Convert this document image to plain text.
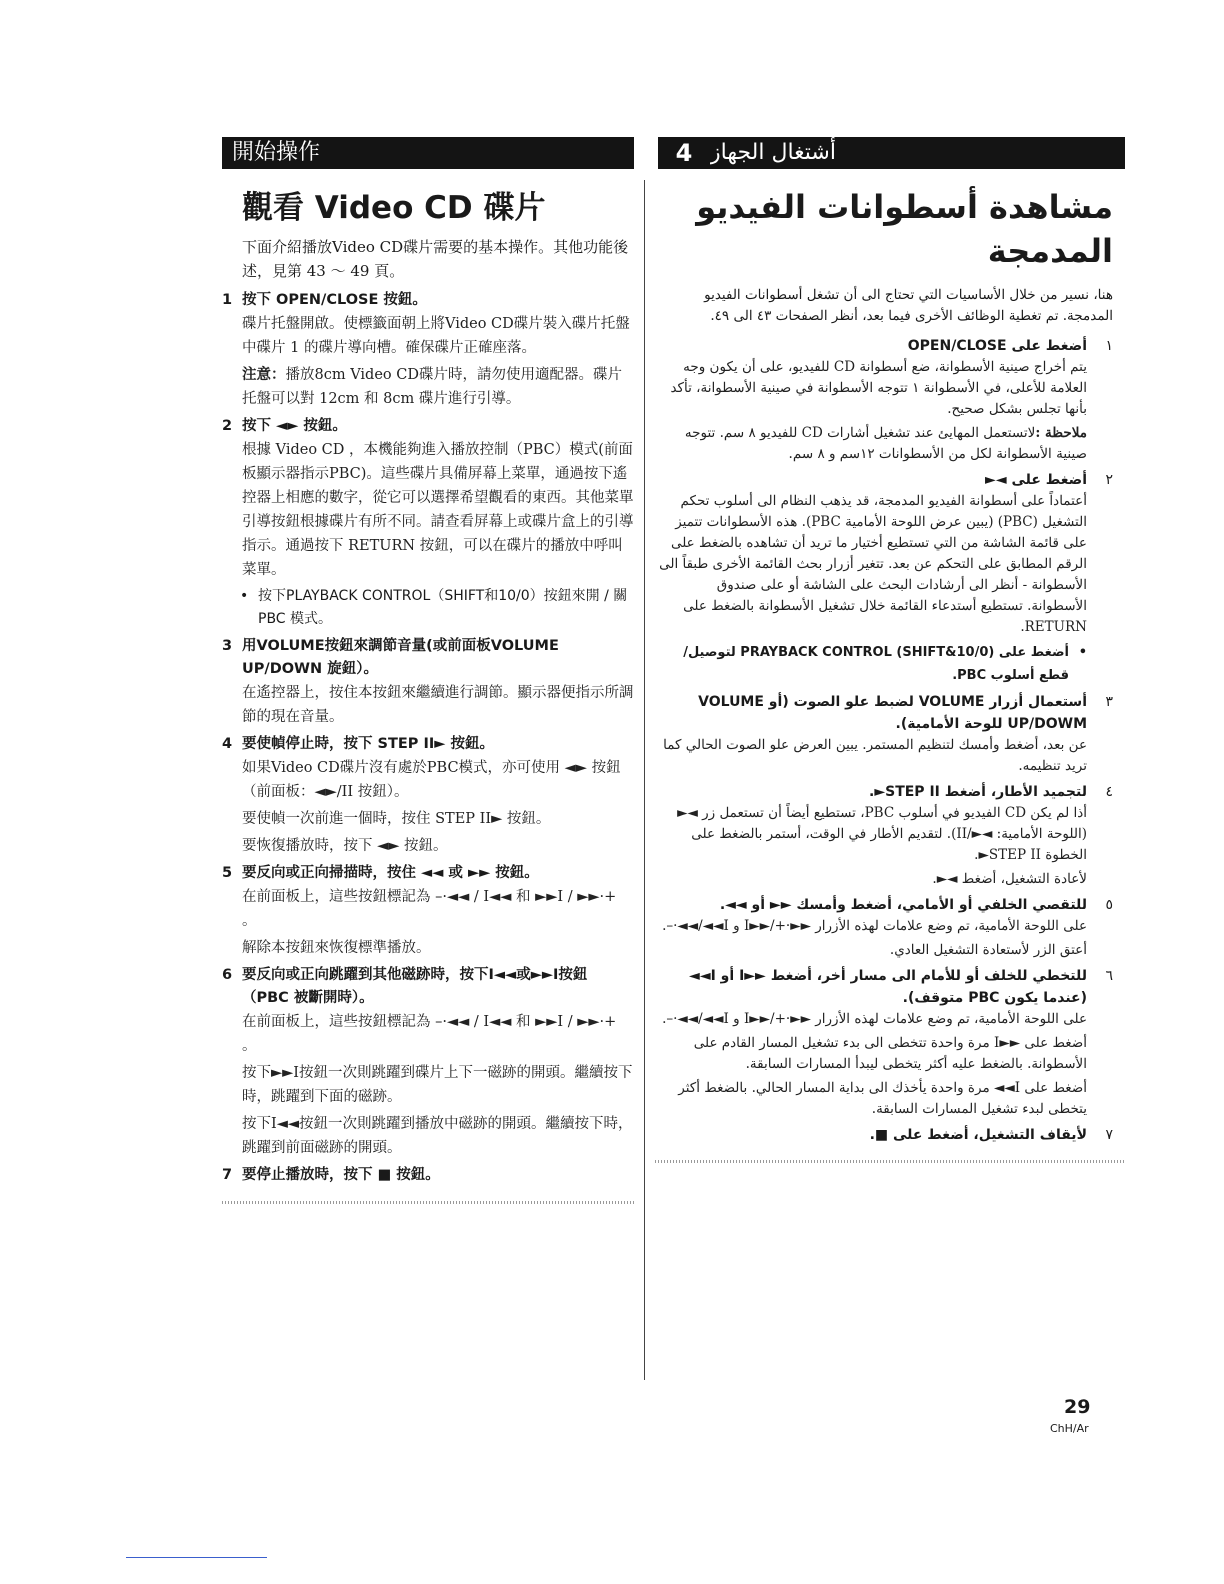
開始操作
觀看 Video CD 碟片
下面介紹播放Video CD碟片需要的基本操作。其他功能後述，見第 43 ～ 49 頁。
1 按下 OPEN/CLOSE 按鈕。

碟片托盤開啟。使標籤面朝上將Video CD碟片裝入碟片托盤中碟片 1 的碟片導向槽。確保碟片正確座落。

注意：播放8cm Video CD碟片時，請勿使用適配器。碟片托盤可以對 12cm 和 8cm 碟片進行引導。

2 按下 ◄► 按鈕。

根據 Video CD ，本機能夠進入播放控制（PBC）模式(前面板顯示器指示PBC)。這些碟片具備屏幕上菜單，通過按下遙控器上相應的數字，從它可以選擇希望觀看的東西。其他菜單引導按鈕根據碟片有所不同。請查看屏幕上或碟片盒上的引導指示。通過按下 RETURN 按鈕，可以在碟片的播放中呼叫菜單。

• 按下PLAYBACK CONTROL（SHIFT和10/0）按鈕來開 / 關 PBC 模式。
3 用VOLUME按鈕來調節音量(或前面板VOLUME UP/DOWN 旋鈕）。

在遙控器上，按住本按鈕來繼續進行調節。顯示器便指示所調節的現在音量。

4 要使幀停止時，按下 STEP II► 按鈕。

如果Video CD碟片沒有處於PBC模式，亦可使用 ◄► 按鈕（前面板：◄►/II 按鈕）。

要使幀一次前進一個時，按住 STEP II► 按鈕。

要恢復播放時，按下 ◄► 按鈕。

5 要反向或正向掃描時，按住 ◄◄ 或 ►► 按鈕。

在前面板上，這些按鈕標記為 –·◄◄ / I◄◄ 和 ►►I / ►►·+ 。

解除本按鈕來恢復標準播放。

6 要反向或正向跳躍到其他磁跡時，按下I◄◄或►►I按鈕（PBC 被斷開時）。

在前面板上，這些按鈕標記為 –·◄◄ / I◄◄ 和 ►►I / ►►·+ 。

按下►►I按鈕一次則跳躍到碟片上下一磁跡的開頭。繼續按下時，跳躍到下面的磁跡。

按下I◄◄按鈕一次則跳躍到播放中磁跡的開頭。繼續按下時，跳躍到前面磁跡的開頭。

7 要停止播放時，按下 ■ 按鈕。
أشتغال الجهاز
4
مشاهدة أسطوانات الفيديو المدمجة
هنا، نسير من خلال الأساسيات التي تحتاج الى أن تشغل أسطوانات الفيديو المدمجة. تم تغطية الوظائف الأخرى فيما بعد، أنظر الصفحات ٤٣ الى ٤٩.
١
أضغط على OPEN/CLOSE

يتم أخراج صينية الأسطوانة، ضع أسطوانة CD للفيديو، على أن يكون وجه العلامة للأعلى، في الأسطوانة ١ تتوجه الأسطوانة في صينية الأسطوانة، تأكد بأنها تجلس بشكل صحيح.

ملاحظة :لاتستعمل المهايئ عند تشغيل أشارات CD للفيديو ٨ سم. تتوجه صينية الأسطوانة لكل من الأسطوانات ١٢سم و ٨ سم.

٢
أضغط على ◄►

أعتماداً على أسطوانة الفيديو المدمجة، قد يذهب النظام الى أسلوب تحكم التشغيل (PBC) (يبين عرض اللوحة الأمامية PBC). هذه الأسطوانات تتميز على قائمة الشاشة من التي تستطيع أختيار ما تريد أن تشاهده بالضغط على الرقم المطابق على التحكم عن بعد. تتغير أزرار بحث القائمة الأخرى طبقاً الى الأسطوانة - أنظر الى أرشادات البحث على الشاشة أو على صندوق الأسطوانة. تستطيع أستدعاء القائمة خلال تشغيل الأسطوانة بالضغط على RETURN.

•
أضغط على PRAYBACK CONTROL (SHIFT&10/0) لتوصيل/قطع أسلوب PBC.
٣
أستعمال أزرار VOLUME لضبط علو الصوت (أو VOLUME UP/DOWM للوحة الأمامية).

عن بعد، أضغط وأمسك لتنظيم المستمر. يبين العرض علو الصوت الحالي كما تريد تنظيمه.

٤
لتجميد الأطار، أضغط STEP II►.

أذا لم يكن CD الفيديو في أسلوب PBC، تستطيع أيضاً أن تستعمل زر ◄► (اللوحة الأمامية: ◄►/II). لتقديم الأطار في الوقت، أستمر بالضغط على الخطوة STEP II►.

لأعادة التشغيل، أضغط ◄►.

٥
للتقصي الخلفي أو الأمامي، أضغط وأمسك ►► أو ◄◄.

على اللوحة الأمامية، تم وضع علامات لهذه الأزرار ►►·+/►►I و I◄◄/◄◄·–.

أعتق الزر لأستعادة التشغيل العادي.

٦
للتخطي للخلف أو للأمام الى مسار أخر، أضغط ►►I أو I◄◄ (عندما يكون PBC متوقف).

على اللوحة الأمامية، تم وضع علامات لهذه الأزرار ►►·+/►►I و I◄◄/◄◄·–.

أضغط على ►►I مرة واحدة تتخطى الى بدء تشغيل المسار القادم على الأسطوانة. بالضغط عليه أكثر يتخطى ليبدأ المسارات السابقة.

أضغط على I◄◄ مرة واحدة يأخذك الى بداية المسار الحالي. بالضغط أكثر يتخطى لبدء تشغيل المسارات السابقة.

٧
لأيقاف التشغيل، أضغط على ■.
29
ChH/Ar
